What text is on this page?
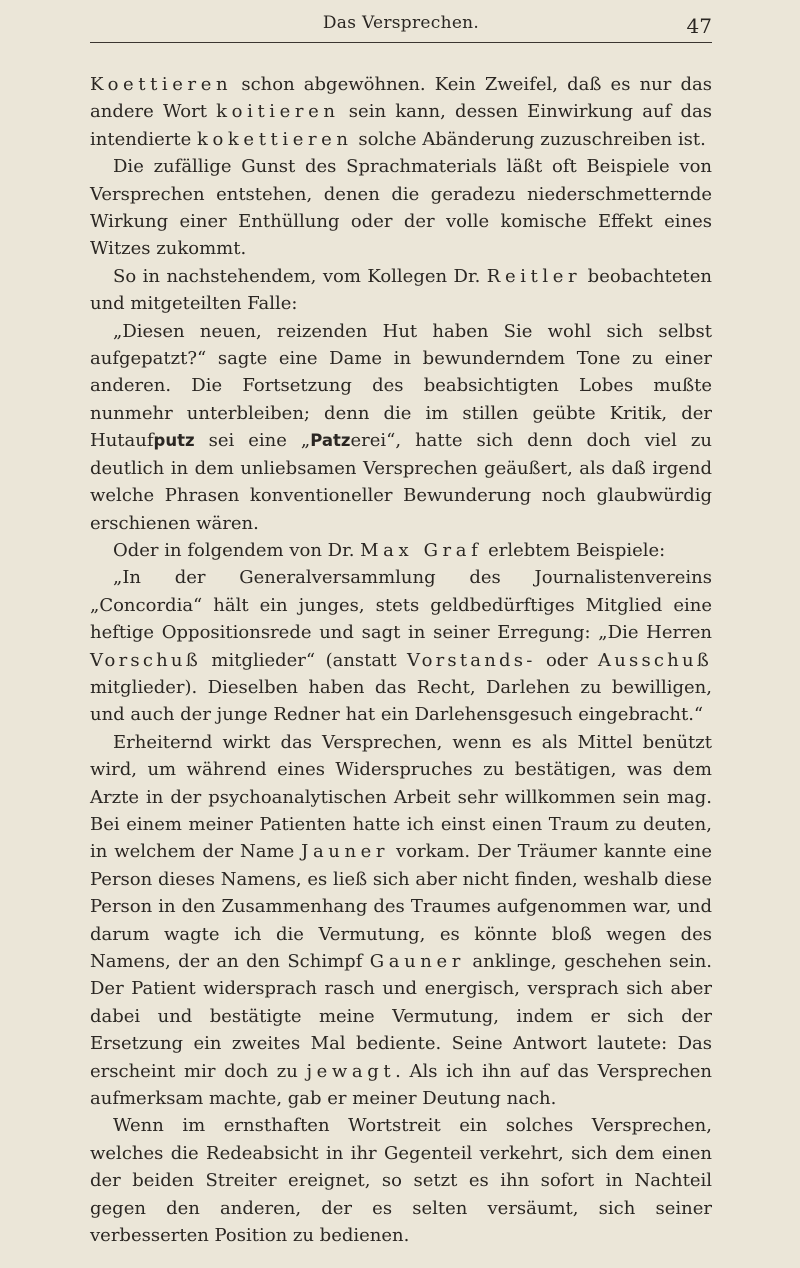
Das Versprechen.	47

Koettieren schon abgewöhnen. Kein Zweifel, daß es nur das andere Wort koitieren sein kann, dessen Einwirkung auf das intendierte kokettieren solche Abänderung zuzuschreiben ist.

Die zufällige Gunst des Sprachmaterials läßt oft Beispiele von Versprechen entstehen, denen die geradezu niederschmetternde Wirkung einer Enthüllung oder der volle komische Effekt eines Witzes zukommt.

So in nachstehendem, vom Kollegen Dr. Reitler beobachteten und mitgeteilten Falle:

„Diesen neuen, reizenden Hut haben Sie wohl sich selbst aufgepatzt?“ sagte eine Dame in bewunderndem Tone zu einer anderen. Die Fortsetzung des beabsichtigten Lobes mußte nunmehr unterbleiben; denn die im stillen geübte Kritik, der Hutaufputz sei eine „Patzerei“, hatte sich denn doch viel zu deutlich in dem unliebsamen Versprechen geäußert, als daß irgend welche Phrasen konventioneller Bewunderung noch glaubwürdig erschienen wären.

Oder in folgendem von Dr. Max Graf erlebtem Beispiele:

„In der Generalversammlung des Journalistenvereins „Concordia“ hält ein junges, stets geldbedürftiges Mitglied eine heftige Oppositionsrede und sagt in seiner Erregung: „Die Herren Vorschuß mitglieder“ (anstatt Vorstands- oder Ausschuß mitglieder). Dieselben haben das Recht, Darlehen zu bewilligen, und auch der junge Redner hat ein Darlehensgesuch eingebracht.“

Erheiternd wirkt das Versprechen, wenn es als Mittel benützt wird, um während eines Widerspruches zu bestätigen, was dem Arzte in der psychoanalytischen Arbeit sehr willkommen sein mag. Bei einem meiner Patienten hatte ich einst einen Traum zu deuten, in welchem der Name Jauner vorkam. Der Träumer kannte eine Person dieses Namens, es ließ sich aber nicht finden, weshalb diese Person in den Zusammenhang des Traumes aufgenommen war, und darum wagte ich die Vermutung, es könnte bloß wegen des Namens, der an den Schimpf Gauner anklinge, geschehen sein. Der Patient widersprach rasch und energisch, versprach sich aber dabei und bestätigte meine Vermutung, indem er sich der Ersetzung ein zweites Mal bediente. Seine Antwort lautete: Das erscheint mir doch zu jewagt. Als ich ihn auf das Versprechen aufmerksam machte, gab er meiner Deutung nach.

Wenn im ernsthaften Wortstreit ein solches Versprechen, welches die Redeabsicht in ihr Gegenteil verkehrt, sich dem einen der beiden Streiter ereignet, so setzt es ihn sofort in Nachteil gegen den anderen, der es selten versäumt, sich seiner verbesserten Position zu bedienen.
